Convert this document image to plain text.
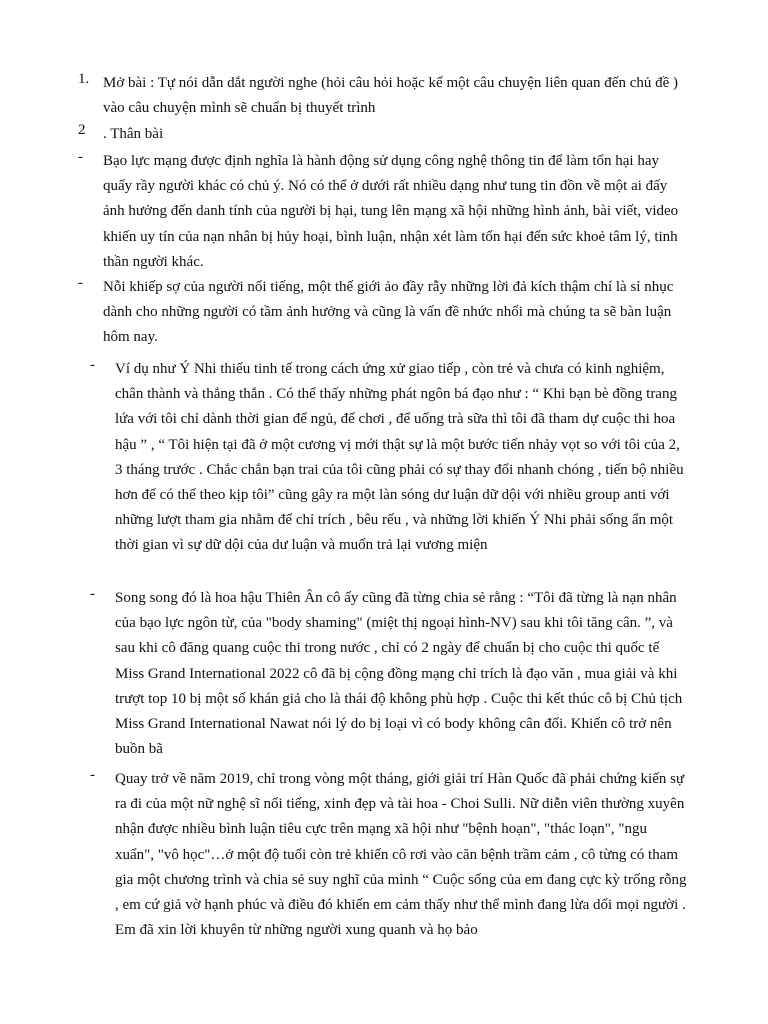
1. Mở bài : Tự nói dẫn dắt người nghe (hỏi câu hỏi hoặc kể một câu chuyện liên quan đến chủ đề ) vào câu chuyện mình sẽ chuẩn bị thuyết trình

2 . Thân bài

- Bạo lực mạng được định nghĩa là hành động sử dụng công nghệ thông tin để làm tổn hại hay quấy rầy người khác có chủ ý. Nó có thể ở dưới rất nhiều dạng như tung tin đồn về một ai đấy ảnh hưởng đến danh tính của người bị hại, tung lên mạng xã hội những hình ảnh, bài viết, video khiến uy tín của nạn nhân bị hủy hoại, bình luận, nhận xét làm tổn hại đến sức khoẻ tâm lý, tinh thần người khác.

- Nỗi khiếp sợ của người nổi tiếng, một thế giới ảo đầy rẫy những lời đả kích thậm chí là sỉ nhục dành cho những người có tầm ảnh hưởng và cũng là vấn đề nhức nhối mà chúng ta sẽ bàn luận hôm nay.

- Ví dụ như Ý Nhi thiếu tinh tế trong cách ứng xử giao tiếp , còn trẻ và chưa có kinh nghiệm, chân thành và thẳng thắn . Có thể thấy những phát ngôn bá đạo như : “ Khi bạn bè đồng trang lứa với tôi chỉ dành thời gian để ngủ, để chơi , để uống trà sữa thì tôi đã tham dự cuộc thi hoa hậu ” , “ Tôi hiện tại đã ở một cương vị mới thật sự là một bước tiến nhảy vọt so với tôi của 2, 3 tháng trước . Chắc chắn bạn trai của tôi cũng phải có sự thay đổi nhanh chóng , tiến bộ nhiều hơn để có thể theo kịp tôi” cũng gây ra một làn sóng dư luận dữ dội với nhiều group anti với những lượt tham gia nhằm để chỉ trích , bêu rếu , và những lời khiến Ý Nhi phải sống ẩn một thời gian vì sự dữ dội của dư luận và muốn trả lại vương miện

- Song song đó là hoa hậu Thiên Ân cô ấy cũng đã từng chia sẻ rằng : “Tôi đã từng là nạn nhân của bạo lực ngôn từ, của "body shaming" (miệt thị ngoại hình-NV) sau khi tôi tăng cân. ”, và sau khi cô đăng quang cuộc thi trong nước , chỉ có 2 ngày để chuẩn bị cho cuộc thi quốc tế Miss Grand International 2022 cô đã bị cộng đồng mạng chỉ trích là đạo văn , mua giải và khi trượt top 10 bị một số khán giả cho là thái độ không phù hợp . Cuộc thi kết thúc cô bị Chủ tịch Miss Grand International Nawat nói lý do bị loại vì có body không cân đối. Khiến cô trở nên buồn bã

- Quay trở về năm 2019, chỉ trong vòng một tháng, giới giải trí Hàn Quốc đã phải chứng kiến sự ra đi của một nữ nghệ sĩ nổi tiếng, xinh đẹp và tài hoa - Choi Sulli. Nữ diễn viên thường xuyên nhận được nhiều bình luận tiêu cực trên mạng xã hội như "bệnh hoạn", "thác loạn", "ngu xuẩn", "vô học"…ở một độ tuổi còn trẻ khiến cô rơi vào căn bệnh trầm cảm , cô từng có tham gia một chương trình và chia sẻ suy nghĩ của mình “ Cuộc sống của em đang cực kỳ trống rỗng , em cứ giả vờ hạnh phúc và điều đó khiến em cảm thấy như thể mình đang lừa dối mọi người . Em đã xin lời khuyên từ những người xung quanh và họ bảo
